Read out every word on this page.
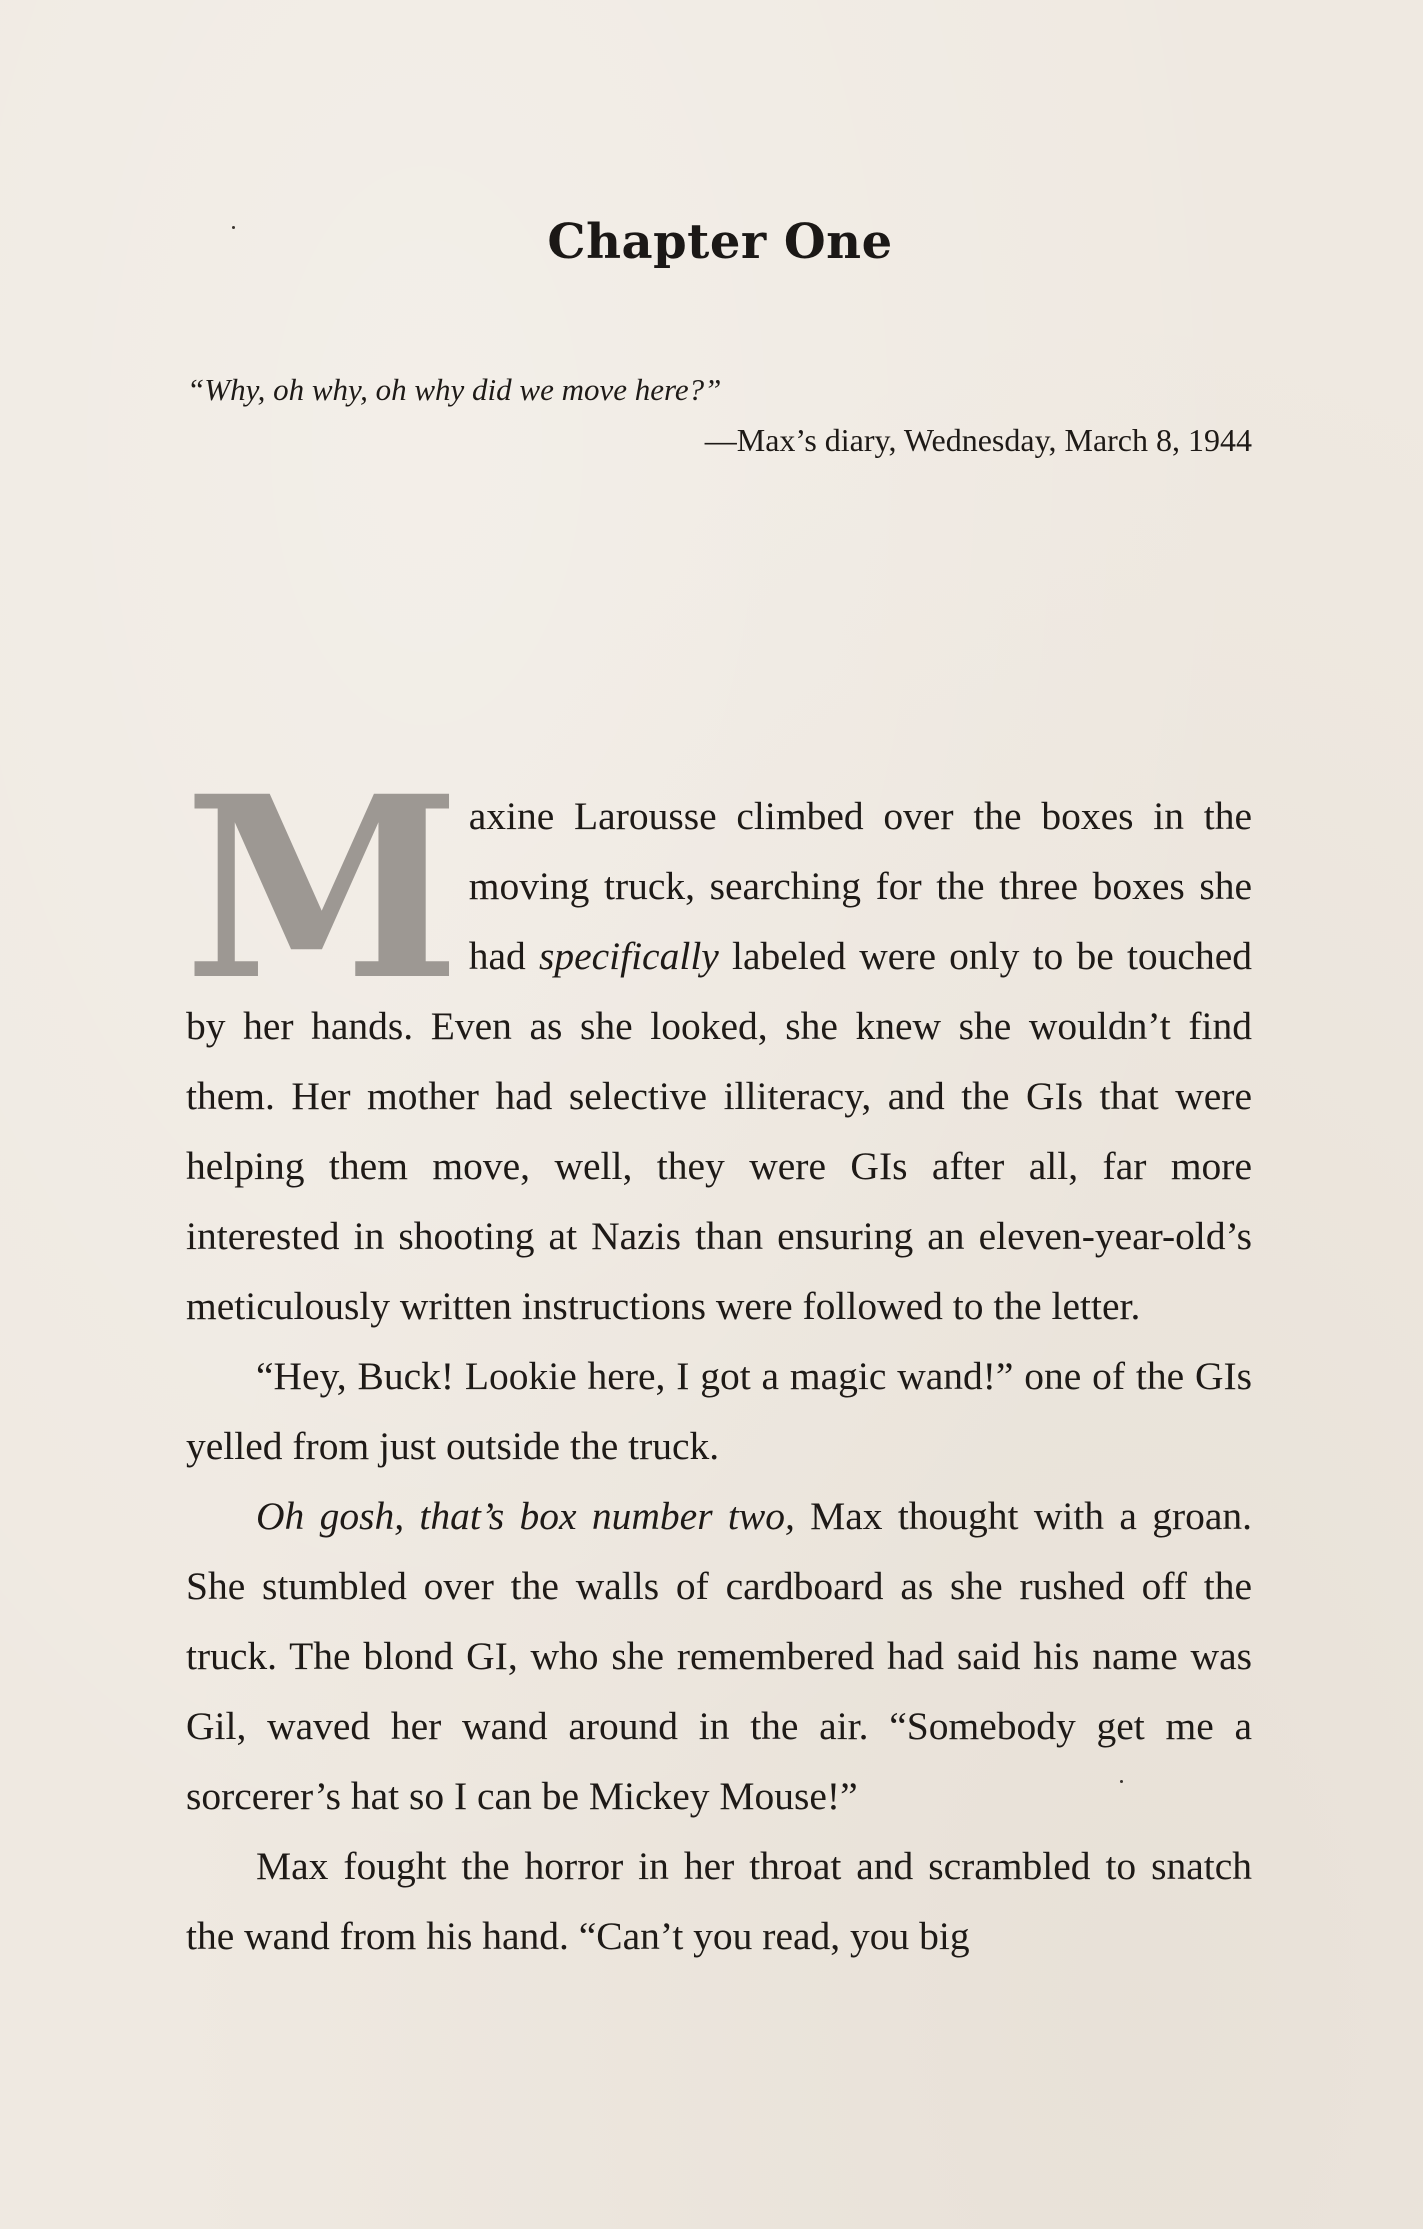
Chapter One
“Why, oh why, oh why did we move here?”
—Max’s diary, Wednesday, March 8, 1944

Maxine Larousse climbed over the boxes in the moving truck, searching for the three boxes she had specifically labeled were only to be touched by her hands. Even as she looked, she knew she wouldn’t find them. Her mother had selective illiteracy, and the GIs that were helping them move, well, they were GIs after all, far more interested in shooting at Nazis than ensuring an eleven-year-old’s meticulously written instructions were followed to the letter.

“Hey, Buck! Lookie here, I got a magic wand!” one of the GIs yelled from just outside the truck.

Oh gosh, that’s box number two, Max thought with a groan. She stumbled over the walls of cardboard as she rushed off the truck. The blond GI, who she remembered had said his name was Gil, waved her wand around in the air. “Somebody get me a sorcerer’s hat so I can be Mickey Mouse!”

Max fought the horror in her throat and scrambled to snatch the wand from his hand. “Can’t you read, you big
